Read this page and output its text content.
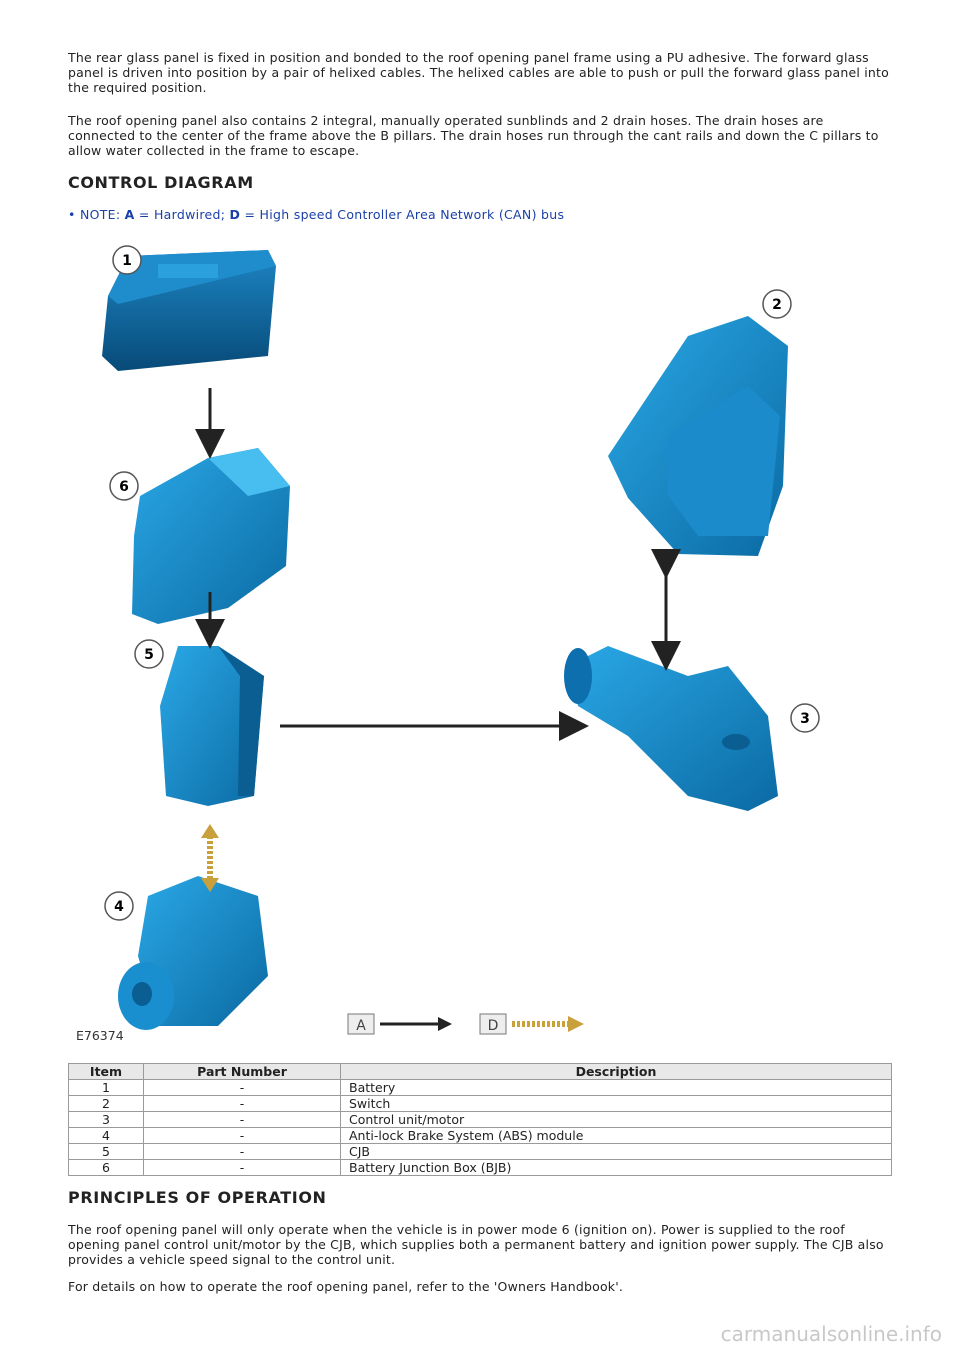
The rear glass panel is fixed in position and bonded to the roof opening panel frame using a PU adhesive. The forward glass panel is driven into position by a pair of helixed cables. The helixed cables are able to push or pull the forward glass panel into the required position.

The roof opening panel also contains 2 integral, manually operated sunblinds and 2 drain hoses. The drain hoses are connected to the center of the frame above the B pillars. The drain hoses run through the cant rails and down the C pillars to allow water collected in the frame to escape.

CONTROL DIAGRAM
• NOTE: A = Hardwired; D = High speed Controller Area Network (CAN) bus
1
2
3
4
5
6
E76374
A	D
Item	Part Number	Description
1	-	Battery
2	-	Switch
3	-	Control unit/motor
4	-	Anti-lock Brake System (ABS) module
5	-	CJB
6	-	Battery Junction Box (BJB)
PRINCIPLES OF OPERATION

The roof opening panel will only operate when the vehicle is in power mode 6 (ignition on). Power is supplied to the roof opening panel control unit/motor by the CJB, which supplies both a permanent battery and ignition power supply. The CJB also provides a vehicle speed signal to the control unit.

For details on how to operate the roof opening panel, refer to the 'Owners Handbook'.

carmanualsonline.info
